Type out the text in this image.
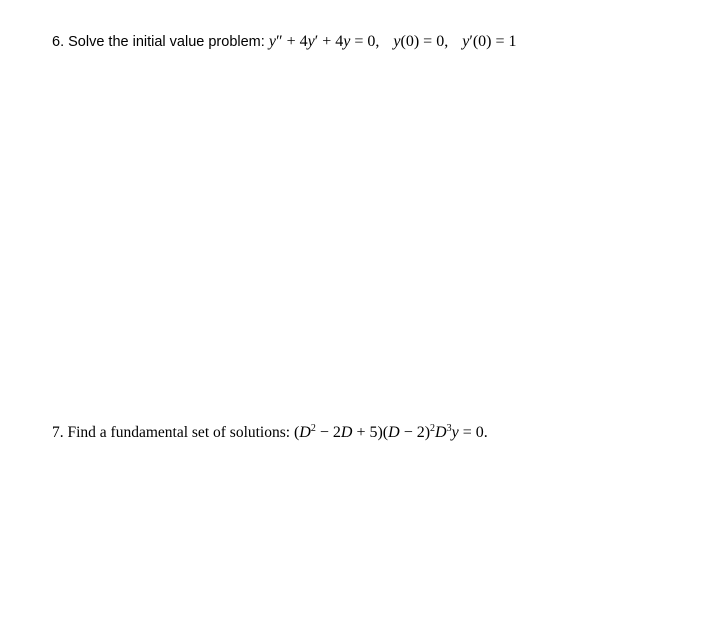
6. Solve the initial value problem: y″ + 4y′ + 4y = 0, y(0) = 0, y′(0) = 1
7. Find a fundamental set of solutions: $(D^2 - 2D + 5)(D - 2)^2D^3y = 0$.
